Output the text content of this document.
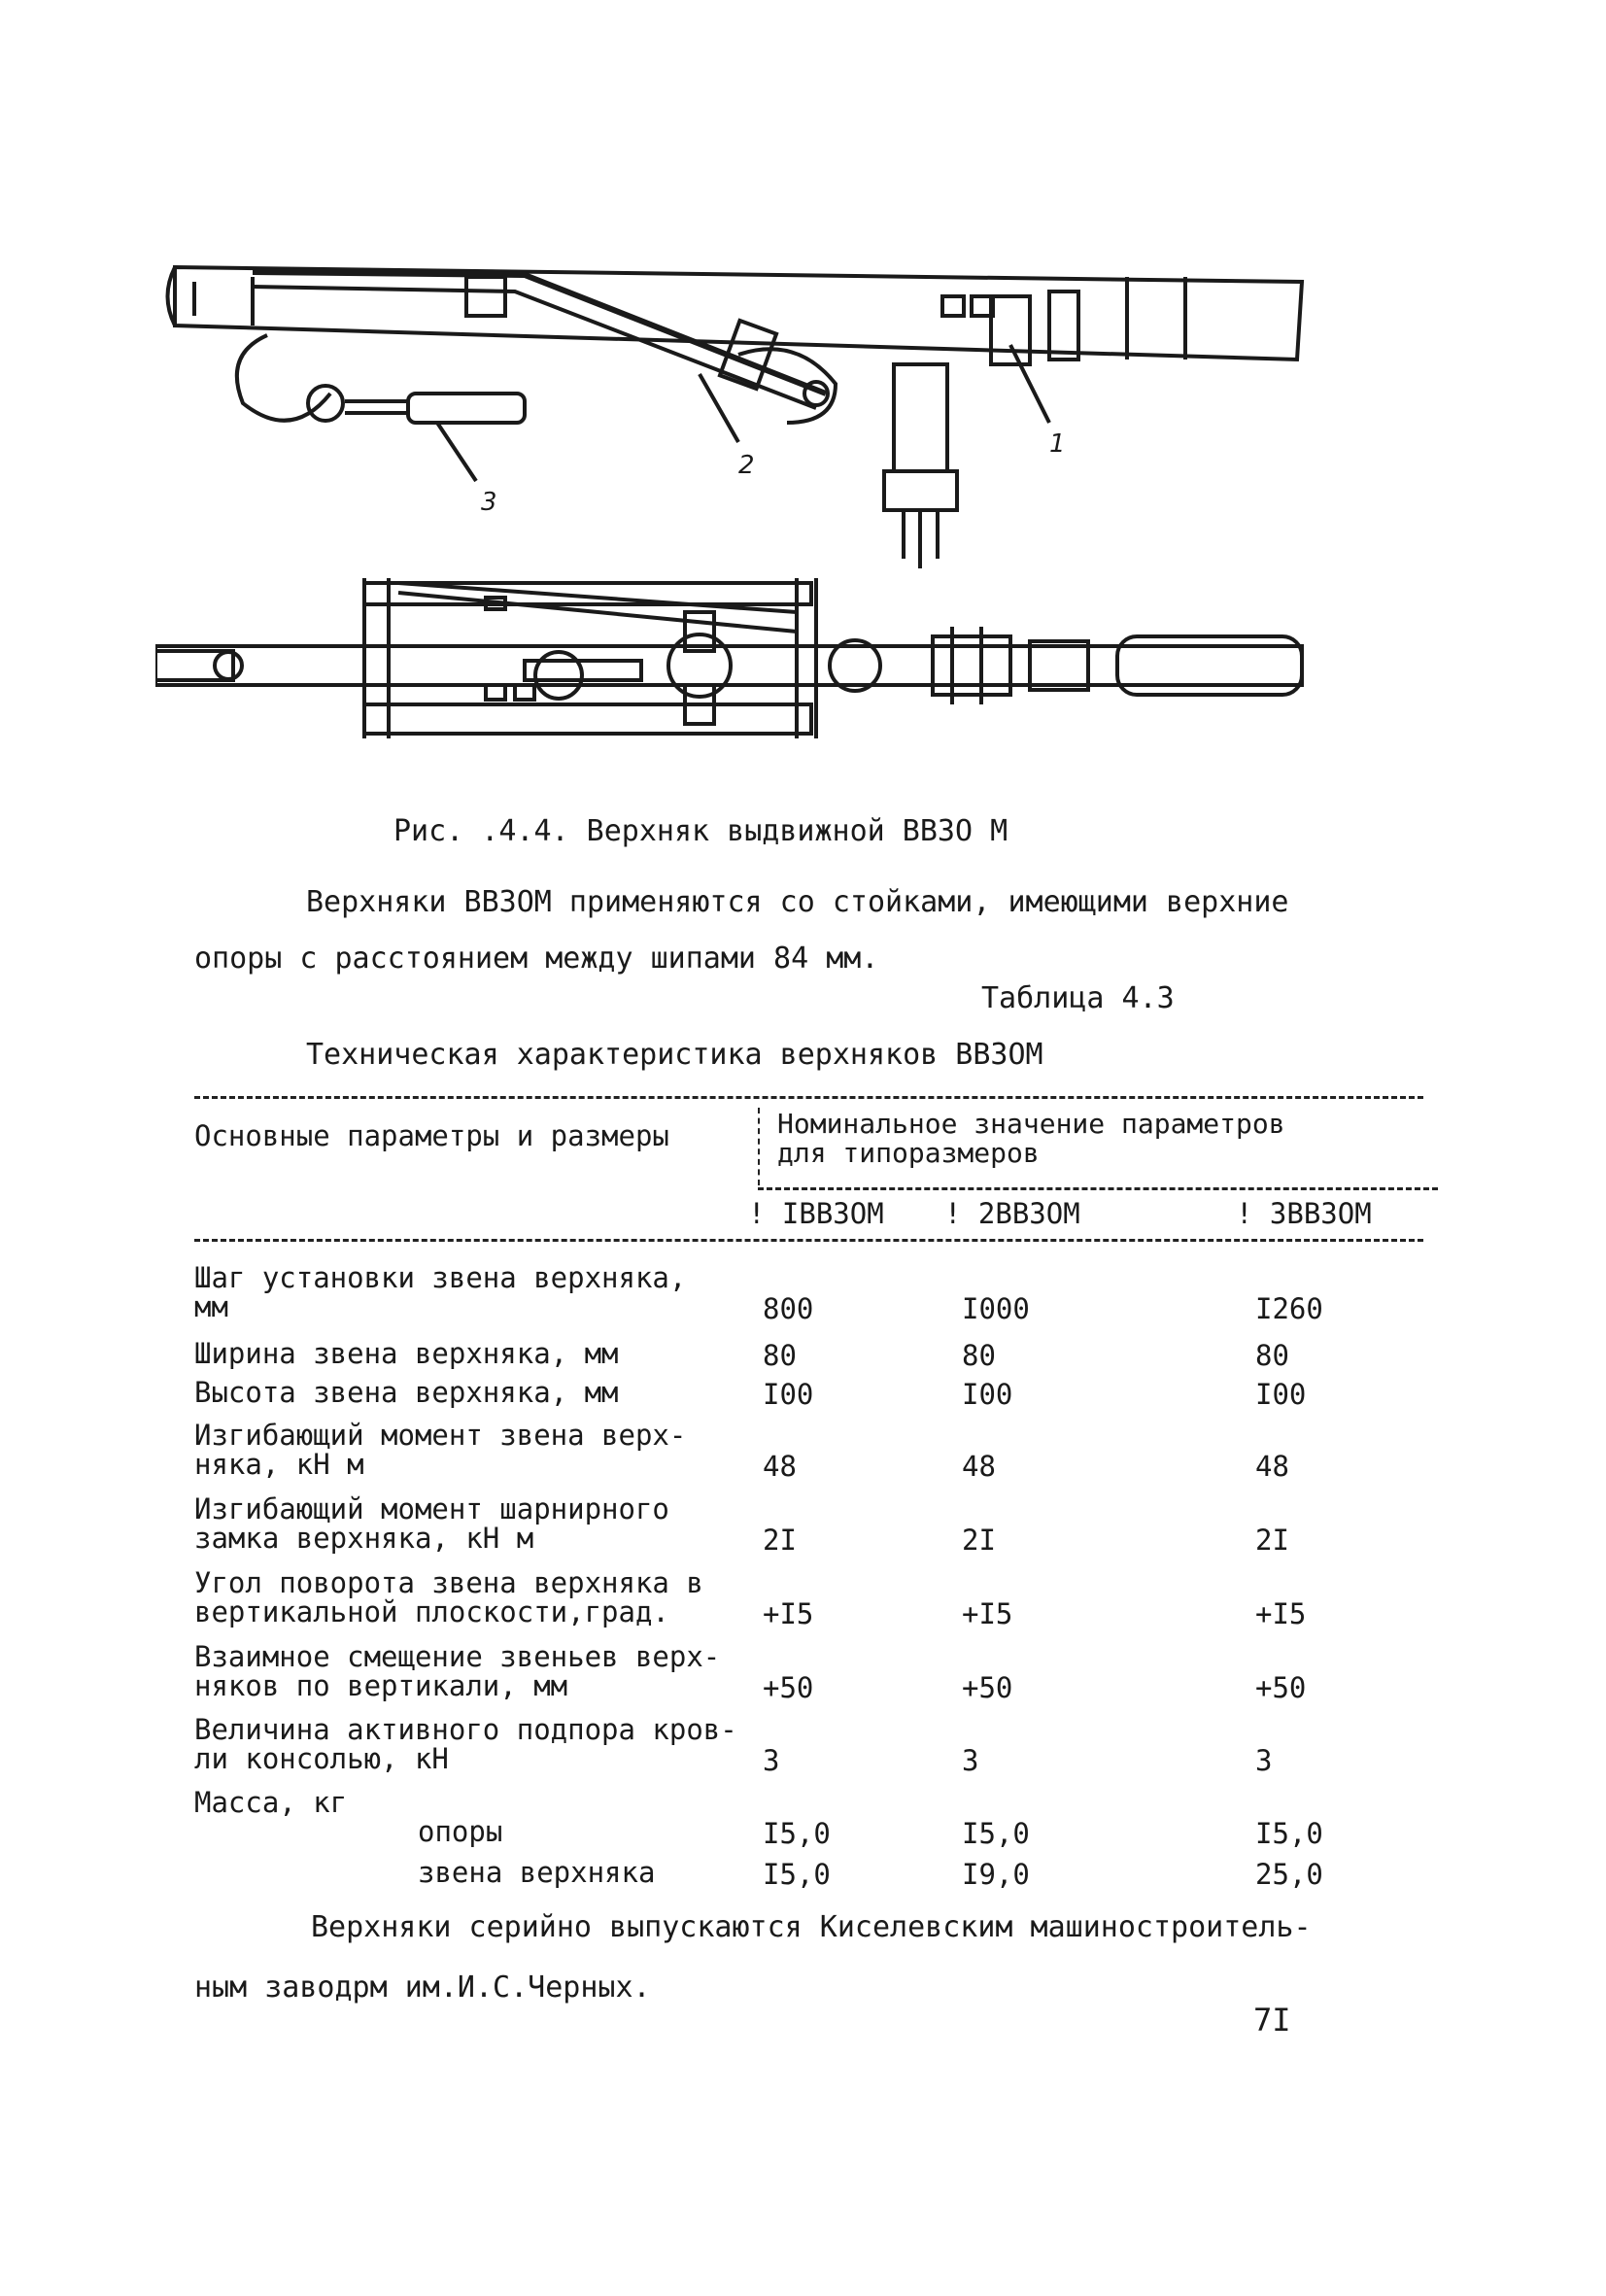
1
2
3
Рис. .4.4. Верхняк выдвижной ВВЗО М
Верхняки ВВЗОМ применяются со стойками, имеющими верхние
опоры с расстоянием между шипами 84 мм.
Таблица 4.3
Техническая характеристика верхняков ВВЗОМ
Основные параметры и размеры	Номинальное значение параметров
для типоразмеров
! IВВЗОМ ! 2ВВЗОМ	! 3ВВЗОМ
Шаг установки звена верхняка,
мм	800	I000	I260
Ширина звена верхняка, мм	80	80	80
Высота звена верхняка, мм	I00	I00	I00
Изгибающий момент звена верх-
няка, кН м	48	48	48
Изгибающий момент шарнирного
замка верхняка, кН м	2I	2I	2I
Угол поворота звена верхняка в
вертикальной плоскости,град.	+I5	+I5	+I5
Взаимное смещение звеньев верх-
няков по вертикали, мм	+50	+50	+50
Величина активного подпора кров-
ли консолью, кН	3	3	3
Масса, кг
опоры	I5,0	I5,0	I5,0
звена верхняка	I5,0	I9,0	25,0
Верхняки серийно выпускаются Киселевским машиностроитель-
ным заводрм им.И.С.Черных.
7I
